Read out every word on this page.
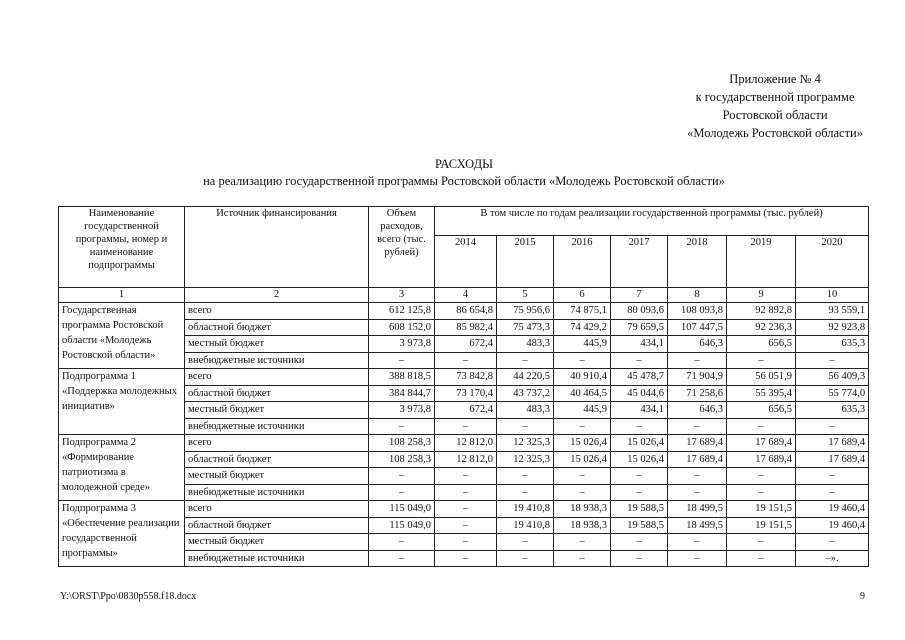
Приложение № 4
к государственной программе
Ростовской области
«Молодежь Ростовской области»
РАСХОДЫ
на реализацию государственной программы Ростовской области «Молодежь Ростовской области»
Наименование государственной программы, номер и наименование подпрограммы	Источник финансирования	Объем расходов, всего (тыс. рублей)	В том числе по годам реализации государственной программы (тыс. рублей)						
			2014	2015	2016	2017	2018	2019	2020
1	2	3	4	5	6	7	8	9	10
Государственная программа Ростовской области «Молодежь Ростовской области»	всего	612 125,8	86 654,8	75 956,6	74 875,1	80 093,6	108 093,8	92 892,8	93 559,1
	областной бюджет	608 152,0	85 982,4	75 473,3	74 429,2	79 659,5	107 447,5	92 236,3	92 923,8
	местный бюджет	3 973,8	672,4	483,3	445,9	434,1	646,3	656,5	635,3
	внебюджетные источники	–	–	–	–	–	–	–	–
Подпрограмма 1 «Поддержка молодежных инициатив»	всего	388 818,5	73 842,8	44 220,5	40 910,4	45 478,7	71 904,9	56 051,9	56 409,3
	областной бюджет	384 844,7	73 170,4	43 737,2	40 464,5	45 044,6	71 258,6	55 395,4	55 774,0
	местный бюджет	3 973,8	672,4	483,3	445,9	434,1	646,3	656,5	635,3
	внебюджетные источники	–	–	–	–	–	–	–	–
Подпрограмма 2 «Формирование патриотизма в молодежной среде»	всего	108 258,3	12 812,0	12 325,3	15 026,4	15 026,4	17 689,4	17 689,4	17 689,4
	областной бюджет	108 258,3	12 812,0	12 325,3	15 026,4	15 026,4	17 689,4	17 689,4	17 689,4
	местный бюджет	–	–	–	–	–	–	–	–
	внебюджетные источники	–	–	–	–	–	–	–	–
Подпрограмма 3 «Обеспечение реализации государственной программы»	всего	115 049,0	–	19 410,8	18 938,3	19 588,5	18 499,5	19 151,5	19 460,4
	областной бюджет	115 049,0	–	19 410,8	18 938,3	19 588,5	18 499,5	19 151,5	19 460,4
	местный бюджет	–	–	–	–	–	–	–	–
	внебюджетные источники	–	–	–	–	–	–	–	–».
Y:\ORST\Ppo\0830p558.f18.docx	9
